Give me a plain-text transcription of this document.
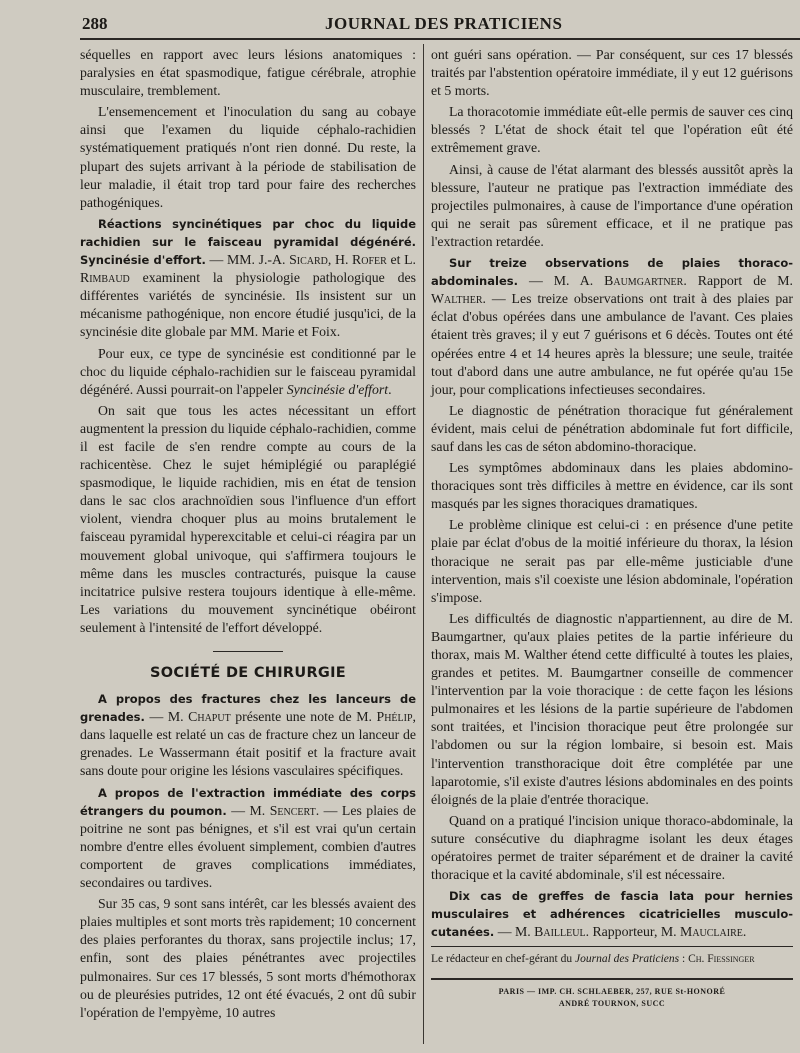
288	JOURNAL DES PRATICIENS

séquelles en rapport avec leurs lésions anatomiques : paralysies en état spasmodique, fatigue cérébrale, atrophie musculaire, tremblement.

L'ensemencement et l'inoculation du sang au cobaye ainsi que l'examen du liquide céphalo-rachidien systématiquement pratiqués n'ont rien donné. Du reste, la plupart des sujets arrivant à la période de stabilisation de leur maladie, il était trop tard pour faire des recherches pathogéniques.

Réactions syncinétiques par choc du liquide rachidien sur le faisceau pyramidal dégénéré. Syncinésie d'effort. — MM. J.-A. Sicard, H. Rofer et L. Rimbaud examinent la physiologie pathologique des différentes variétés de syncinésie. Ils insistent sur un mécanisme pathogénique, non encore étudié jusqu'ici, de la syncinésie dite globale par MM. Marie et Foix.

Pour eux, ce type de syncinésie est conditionné par le choc du liquide céphalo-rachidien sur le faisceau pyramidal dégénéré. Aussi pourrait-on l'appeler Syncinésie d'effort.

On sait que tous les actes nécessitant un effort augmentent la pression du liquide céphalo-rachidien, comme il est facile de s'en rendre compte au cours de la rachicentèse. Chez le sujet hémiplégié ou paraplégié spasmodique, le liquide rachidien, mis en état de tension dans le sac clos arachnoïdien sous l'influence d'un effort violent, viendra choquer plus au moins brutalement le faisceau pyramidal hyperexcitable et celui-ci réagira par un mouvement global univoque, qui s'affirmera toujours le même dans les muscles contracturés, puisque la cause incitatrice pulsive restera toujours identique à elle-même. Les variations du mouvement syncinétique obéiront seulement à l'intensité de l'effort développé.

SOCIÉTÉ DE CHIRURGIE

A propos des fractures chez les lanceurs de grenades. — M. Chaput présente une note de M. Phélip, dans laquelle est relaté un cas de fracture chez un lanceur de grenades. Le Wassermann était positif et la fracture avait sans doute pour origine les lésions vasculaires spécifiques.

A propos de l'extraction immédiate des corps étrangers du poumon. — M. Sencert. — Les plaies de poitrine ne sont pas bénignes, et s'il est vrai qu'un certain nombre d'entre elles évoluent simplement, combien d'autres comportent de graves complications immédiates, secondaires ou tardives.

Sur 35 cas, 9 sont sans intérêt, car les blessés avaient des plaies multiples et sont morts très rapidement; 10 concernent des plaies perforantes du thorax, sans projectile inclus; 17, enfin, sont des plaies pénétrantes avec projectiles pulmonaires. Sur ces 17 blessés, 5 sont morts d'hémothorax ou de pleurésies putrides, 12 ont été évacués, 2 ont dû subir l'opération de l'empyème, 10 autres

ont guéri sans opération. — Par conséquent, sur ces 17 blessés traités par l'abstention opératoire immédiate, il y eut 12 guérisons et 5 morts.

La thoracotomie immédiate eût-elle permis de sauver ces cinq blessés ? L'état de shock était tel que l'opération eût été extrêmement grave.

Ainsi, à cause de l'état alarmant des blessés aussitôt après la blessure, l'auteur ne pratique pas l'extraction immédiate des projectiles pulmonaires, à cause de l'importance d'une opération qui ne serait pas sûrement efficace, et il ne pratique pas l'extraction retardée.

Sur treize observations de plaies thoraco-abdominales. — M. A. Baumgartner. Rapport de M. Walther. — Les treize observations ont trait à des plaies par éclat d'obus opérées dans une ambulance de l'avant. Ces plaies étaient très graves; il y eut 7 guérisons et 6 décès. Toutes ont été opérées entre 4 et 14 heures après la blessure; une seule, traitée tout d'abord dans une autre ambulance, ne fut opérée qu'au 15e jour, pour complications infectieuses secondaires.

Le diagnostic de pénétration thoracique fut généralement évident, mais celui de pénétration abdominale fut fort difficile, sauf dans les cas de séton abdomino-thoracique.

Les symptômes abdominaux dans les plaies abdomino-thoraciques sont très difficiles à mettre en évidence, car ils sont masqués par les signes thoraciques dramatiques.

Le problème clinique est celui-ci : en présence d'une petite plaie par éclat d'obus de la moitié inférieure du thorax, la lésion thoracique ne serait pas par elle-même justiciable d'une intervention, mais s'il coexiste une lésion abdominale, l'opération s'impose.

Les difficultés de diagnostic n'appartiennent, au dire de M. Baumgartner, qu'aux plaies petites de la partie inférieure du thorax, mais M. Walther étend cette difficulté à toutes les plaies, grandes et petites. M. Baumgartner conseille de commencer l'intervention par la voie thoracique : de cette façon les lésions pulmonaires et les lésions de la partie supérieure de l'abdomen sont traitées, et l'incision thoracique peut être prolongée sur l'abdomen ou sur la région lombaire, si besoin est. Mais l'intervention transthoracique doit être complétée par une laparotomie, s'il existe d'autres lésions abdominales en des points éloignés de la plaie d'entrée thoracique.

Quand on a pratiqué l'incision unique thoraco-abdominale, la suture consécutive du diaphragme isolant les deux étages opératoires permet de traiter séparément et de drainer la cavité thoracique et la cavité abdominale, s'il est nécessaire.

Dix cas de greffes de fascia lata pour hernies musculaires et adhérences cicatricielles musculo-cutanées. — M. Bailleul. Rapporteur, M. Mauclaire.

Le rédacteur en chef-gérant du Journal des Praticiens : Ch. Fiessinger

PARIS — IMP. CH. SCHLAEBER, 257, RUE St-HONORÉ
ANDRÉ TOURNON, SUCC
